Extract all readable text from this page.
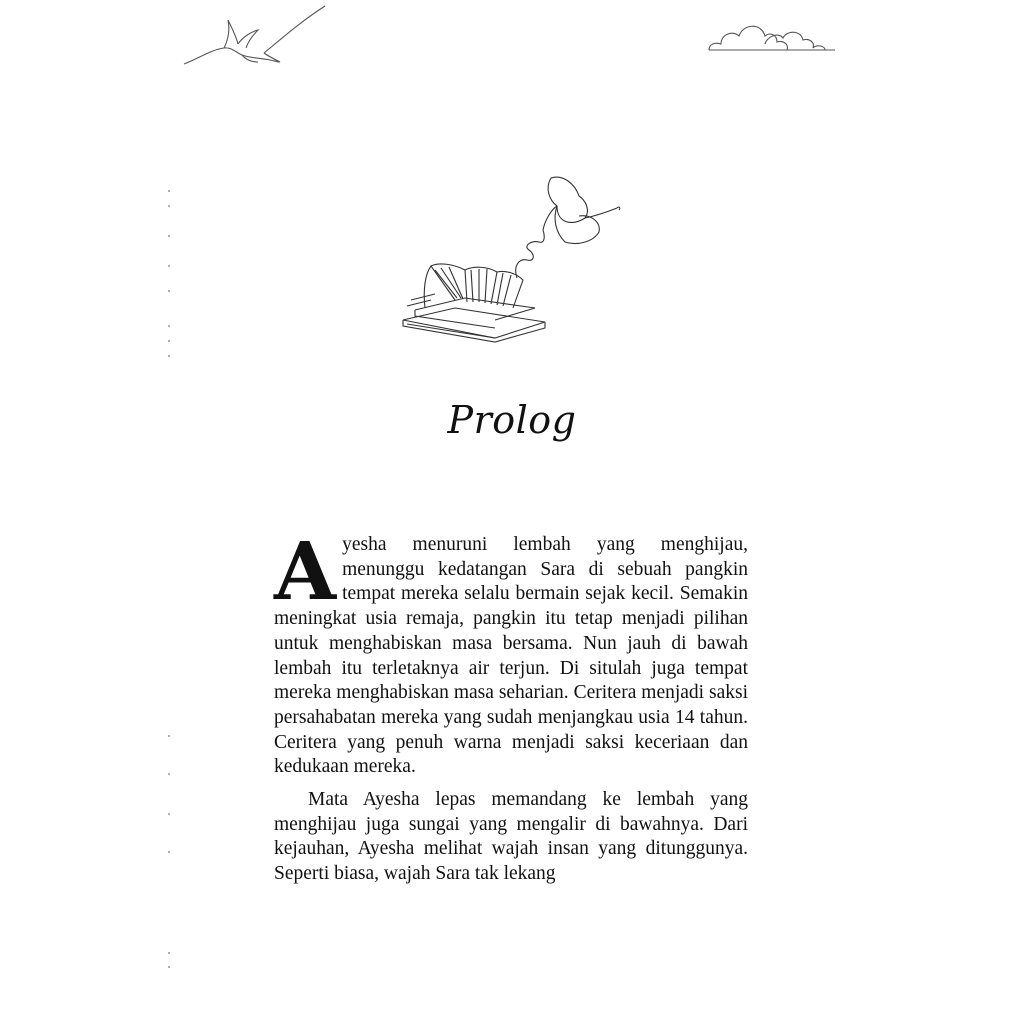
Prolog

Ayesha menuruni lembah yang menghijau, menunggu kedatangan Sara di sebuah pangkin tempat mereka selalu bermain sejak kecil. Semakin meningkat usia remaja, pangkin itu tetap menjadi pilihan untuk menghabiskan masa bersama. Nun jauh di bawah lembah itu terletaknya air terjun. Di situlah juga tempat mereka menghabiskan masa seharian. Ceritera menjadi saksi persahabatan mereka yang sudah menjangkau usia 14 tahun. Ceritera yang penuh warna menjadi saksi keceriaan dan kedukaan mereka.

Mata Ayesha lepas memandang ke lembah yang menghijau juga sungai yang mengalir di bawahnya. Dari kejauhan, Ayesha melihat wajah insan yang ditunggunya. Seperti biasa, wajah Sara tak lekang
